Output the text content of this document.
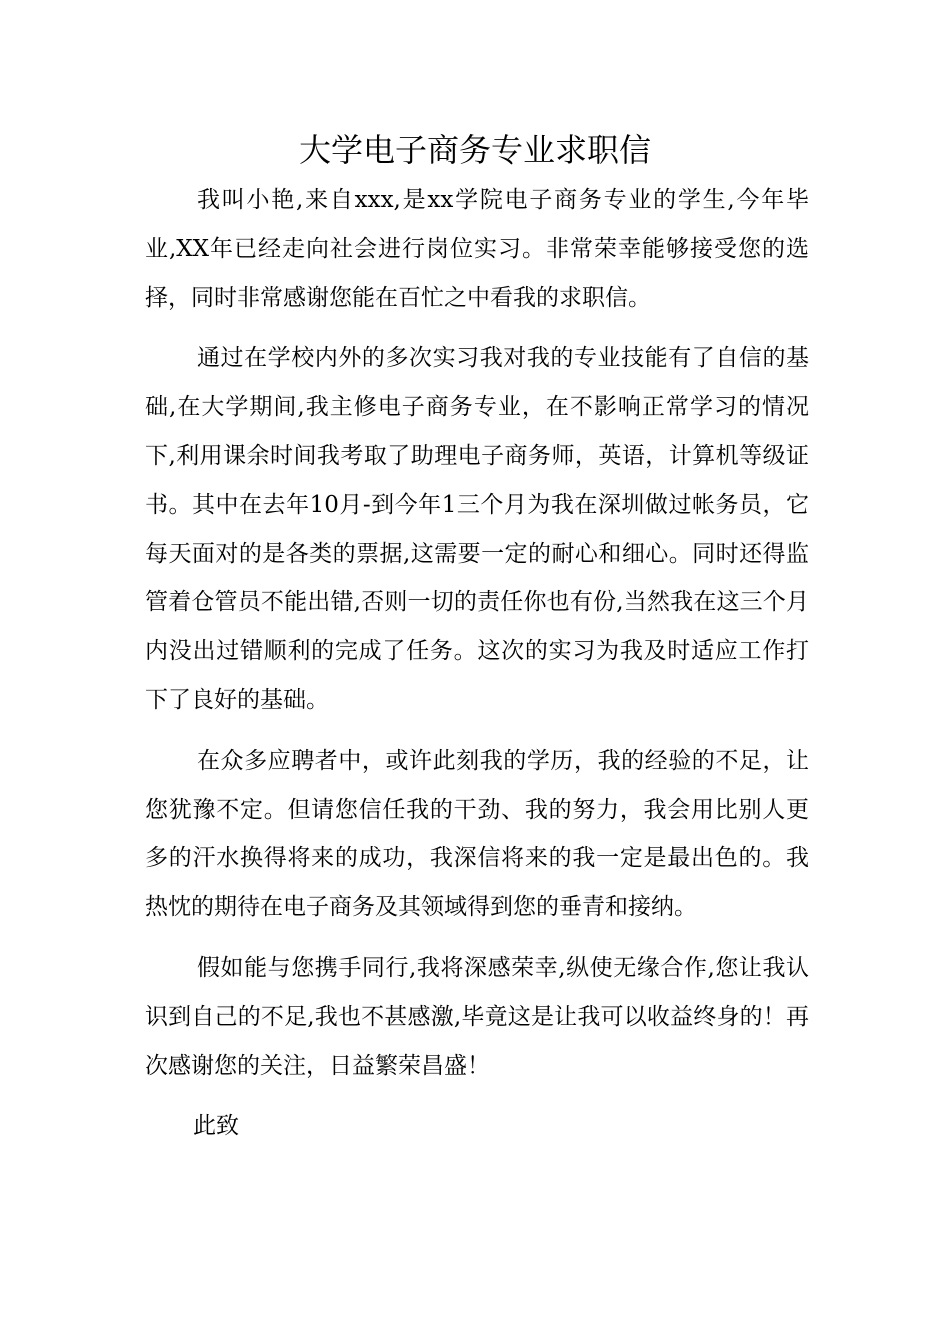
大学电子商务专业求职信

我叫小艳,来自xxx,是xx学院电子商务专业的学生,今年毕业,XX年已经走向社会进行岗位实习。非常荣幸能够接受您的选择，同时非常感谢您能在百忙之中看我的求职信。

通过在学校内外的多次实习我对我的专业技能有了自信的基础,在大学期间,我主修电子商务专业，在不影响正常学习的情况下,利用课余时间我考取了助理电子商务师，英语，计算机等级证书。其中在去年10月-到今年1三个月为我在深圳做过帐务员，它每天面对的是各类的票据,这需要一定的耐心和细心。同时还得监管着仓管员不能出错,否则一切的责任你也有份,当然我在这三个月内没出过错顺利的完成了任务。这次的实习为我及时适应工作打下了良好的基础。

在众多应聘者中，或许此刻我的学历，我的经验的不足，让您犹豫不定。但请您信任我的干劲、我的努力，我会用比别人更多的汗水换得将来的成功，我深信将来的我一定是最出色的。我热忱的期待在电子商务及其领域得到您的垂青和接纳。

假如能与您携手同行,我将深感荣幸,纵使无缘合作,您让我认识到自己的不足,我也不甚感激,毕竟这是让我可以收益终身的！再次感谢您的关注，日益繁荣昌盛！

此致
